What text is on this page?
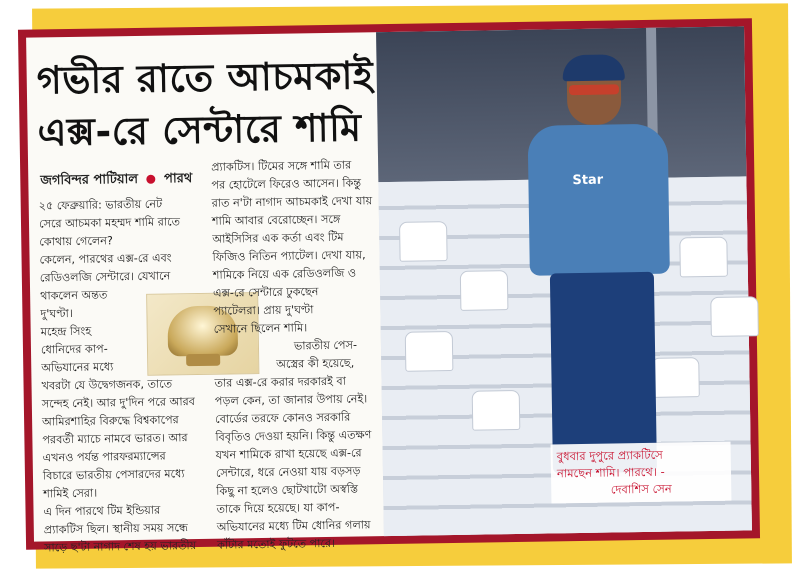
গভীর রাতে আচমকাই
এক্স-রে সেন্টারে শামি
জগবিন্দর পাটিয়াল পারথ

২৫ ফেব্রুয়ারি: ভারতীয় নেট

সেরে আচমকা মহম্মদ শামি রাতে

কোথায় গেলেন?

কেলেন, পারথের এক্স-রে এবং

রেডিওলজি সেন্টারে। যেখানে

থাকলেন অন্তত

দু'ঘণ্টা।

মহেন্দ্র সিংহ

ধোনিদের কাপ-

অভিযানের মধ্যে

খবরটা যে উদ্বেগজনক, তাতে

সন্দেহ নেই। আর দু'দিন পরে আরব

আমিরশাহির বিরুদ্ধে বিশ্বকাপের

পরবর্তী ম্যাচে নামবে ভারত। আর

এখনও পর্যন্ত পারফরম্যান্সের

বিচারে ভারতীয় পেসারদের মধ্যে

শামিই সেরা।

এ দিন পারথে টিম ইন্ডিয়ার

প্র্যাকটিস ছিল। স্থানীয় সময় সন্ধে

সাড়ে ছ'টা নাগাদ শেষ হয় ভারতীয়

প্র্যাকটিস। টিমের সঙ্গে শামি তার

পর হোটেলে ফিরেও আসেন। কিন্তু

রাত ন'টা নাগাদ আচমকাই দেখা যায়

শামি আবার বেরোচ্ছেন। সঙ্গে

আইসিসির এক কর্তা এবং টিম

ফিজিও নিতিন প্যাটেল। দেখা যায়,

শামিকে নিয়ে এক রেডিওলজি ও

এক্স-রে সেন্টারে ঢুকছেন

প্যাটেলরা। প্রায় দু'ঘণ্টা

সেখানে ছিলেন শামি।

ভারতীয় পেস-

অস্ত্রের কী হয়েছে,

তার এক্স-রে করার দরকারই বা

পড়ল কেন, তা জানার উপায় নেই।

বোর্ডের তরফে কোনও সরকারি

বিবৃতিও দেওয়া হয়নি। কিন্তু এতক্ষণ

যখন শামিকে রাখা হয়েছে এক্স-রে

সেন্টারে, ধরে নেওয়া যায় বড়সড়

কিছু না হলেও ছোটখাটো অস্বস্তি

তাকে দিয়ে হয়েছে। যা কাপ-

অভিযানের মধ্যে টিম ধোনির গলায়

কাঁটার মতোই ফুটতে পারে।

Star
বুধবার দুপুরে প্র্যাকটিসে
নামছেন শামি। পারথে। -
দেবাশিস সেন
